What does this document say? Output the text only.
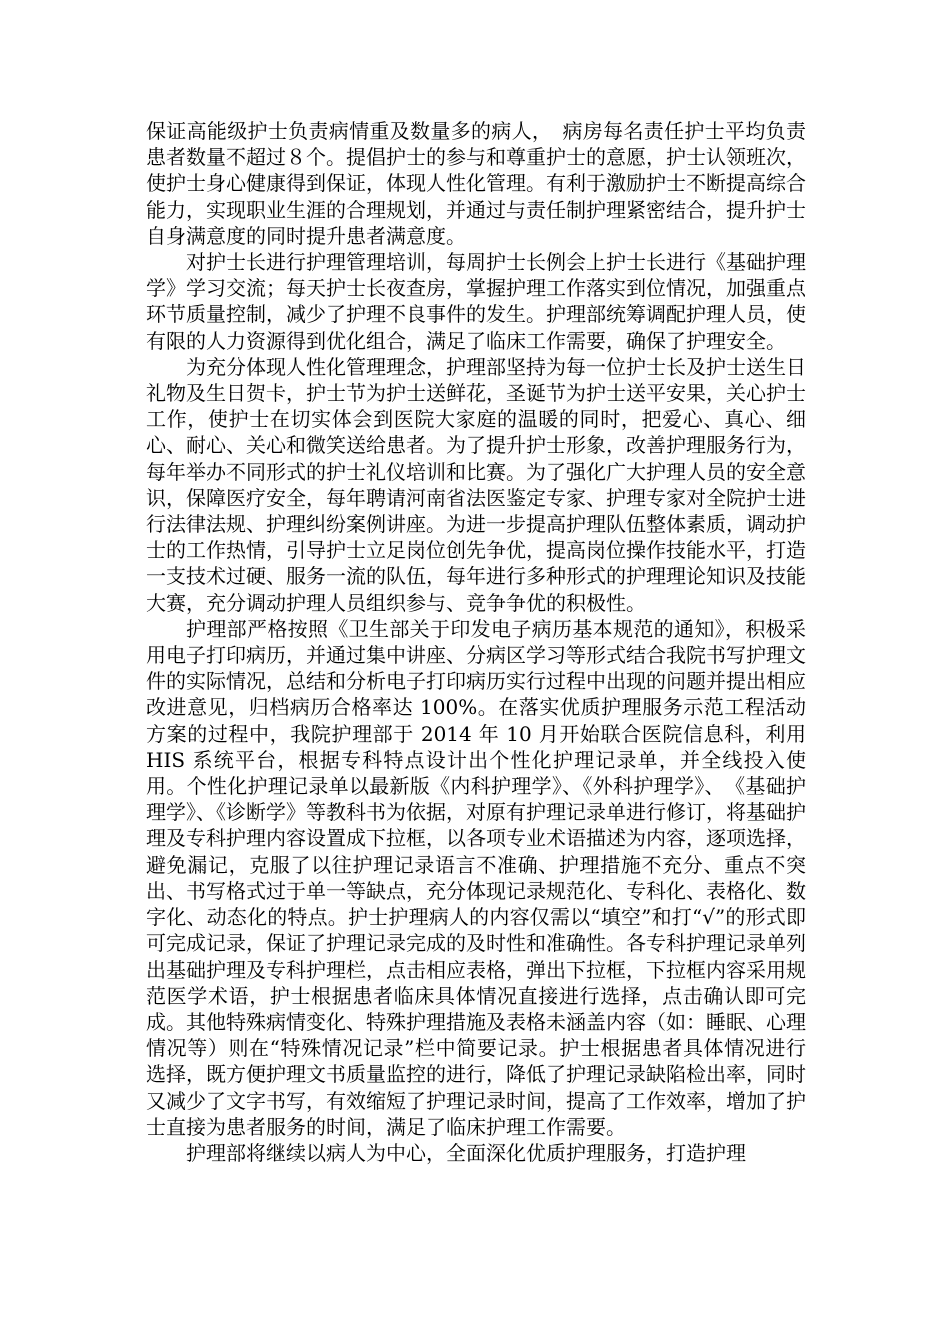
保证高能级护士负责病情重及数量多的病人，　病房每名责任护士平均负责患者数量不超过８个。提倡护士的参与和尊重护士的意愿，护士认领班次，使护士身心健康得到保证，体现人性化管理。有利于激励护士不断提高综合能力，实现职业生涯的合理规划，并通过与责任制护理紧密结合，提升护士自身满意度的同时提升患者满意度。

对护士长进行护理管理培训，每周护士长例会上护士长进行《基础护理学》学习交流；每天护士长夜查房，掌握护理工作落实到位情况，加强重点环节质量控制，减少了护理不良事件的发生。护理部统筹调配护理人员，使有限的人力资源得到优化组合，满足了临床工作需要，确保了护理安全。

为充分体现人性化管理理念，护理部坚持为每一位护士长及护士送生日礼物及生日贺卡，护士节为护士送鲜花，圣诞节为护士送平安果，关心护士工作，使护士在切实体会到医院大家庭的温暖的同时，把爱心、真心、细心、耐心、关心和微笑送给患者。为了提升护士形象，改善护理服务行为，每年举办不同形式的护士礼仪培训和比赛。为了强化广大护理人员的安全意识，保障医疗安全，每年聘请河南省法医鉴定专家、护理专家对全院护士进行法律法规、护理纠纷案例讲座。为进一步提高护理队伍整体素质，调动护士的工作热情，引导护士立足岗位创先争优，提高岗位操作技能水平，打造一支技术过硬、服务一流的队伍，每年进行多种形式的护理理论知识及技能大赛，充分调动护理人员组织参与、竞争争优的积极性。

护理部严格按照《卫生部关于印发电子病历基本规范的通知》，积极采用电子打印病历，并通过集中讲座、分病区学习等形式结合我院书写护理文件的实际情况，总结和分析电子打印病历实行过程中出现的问题并提出相应改进意见，归档病历合格率达 100%。在落实优质护理服务示范工程活动方案的过程中，我院护理部于 2014 年 10 月开始联合医院信息科，利用 HIS 系统平台，根据专科特点设计出个性化护理记录单，并全线投入使用。个性化护理记录单以最新版《内科护理学》、《外科护理学》、　《基础护理学》、《诊断学》等教科书为依据，对原有护理记录单进行修订，将基础护理及专科护理内容设置成下拉框，以各项专业术语描述为内容，逐项选择，避免漏记，克服了以往护理记录语言不准确、护理措施不充分、重点不突出、书写格式过于单一等缺点，充分体现记录规范化、专科化、表格化、数字化、动态化的特点。护士护理病人的内容仅需以“填空”和打“√”的形式即可完成记录，保证了护理记录完成的及时性和准确性。各专科护理记录单列出基础护理及专科护理栏，点击相应表格，弹出下拉框，下拉框内容采用规范医学术语，护士根据患者临床具体情况直接进行选择，点击确认即可完成。其他特殊病情变化、特殊护理措施及表格未涵盖内容（如：睡眠、心理情况等）则在“特殊情况记录”栏中简要记录。护士根据患者具体情况进行选择，既方便护理文书质量监控的进行，降低了护理记录缺陷检出率，同时又减少了文字书写，有效缩短了护理记录时间，提高了工作效率，增加了护士直接为患者服务的时间，满足了临床护理工作需要。

护理部将继续以病人为中心，全面深化优质护理服务，打造护理
